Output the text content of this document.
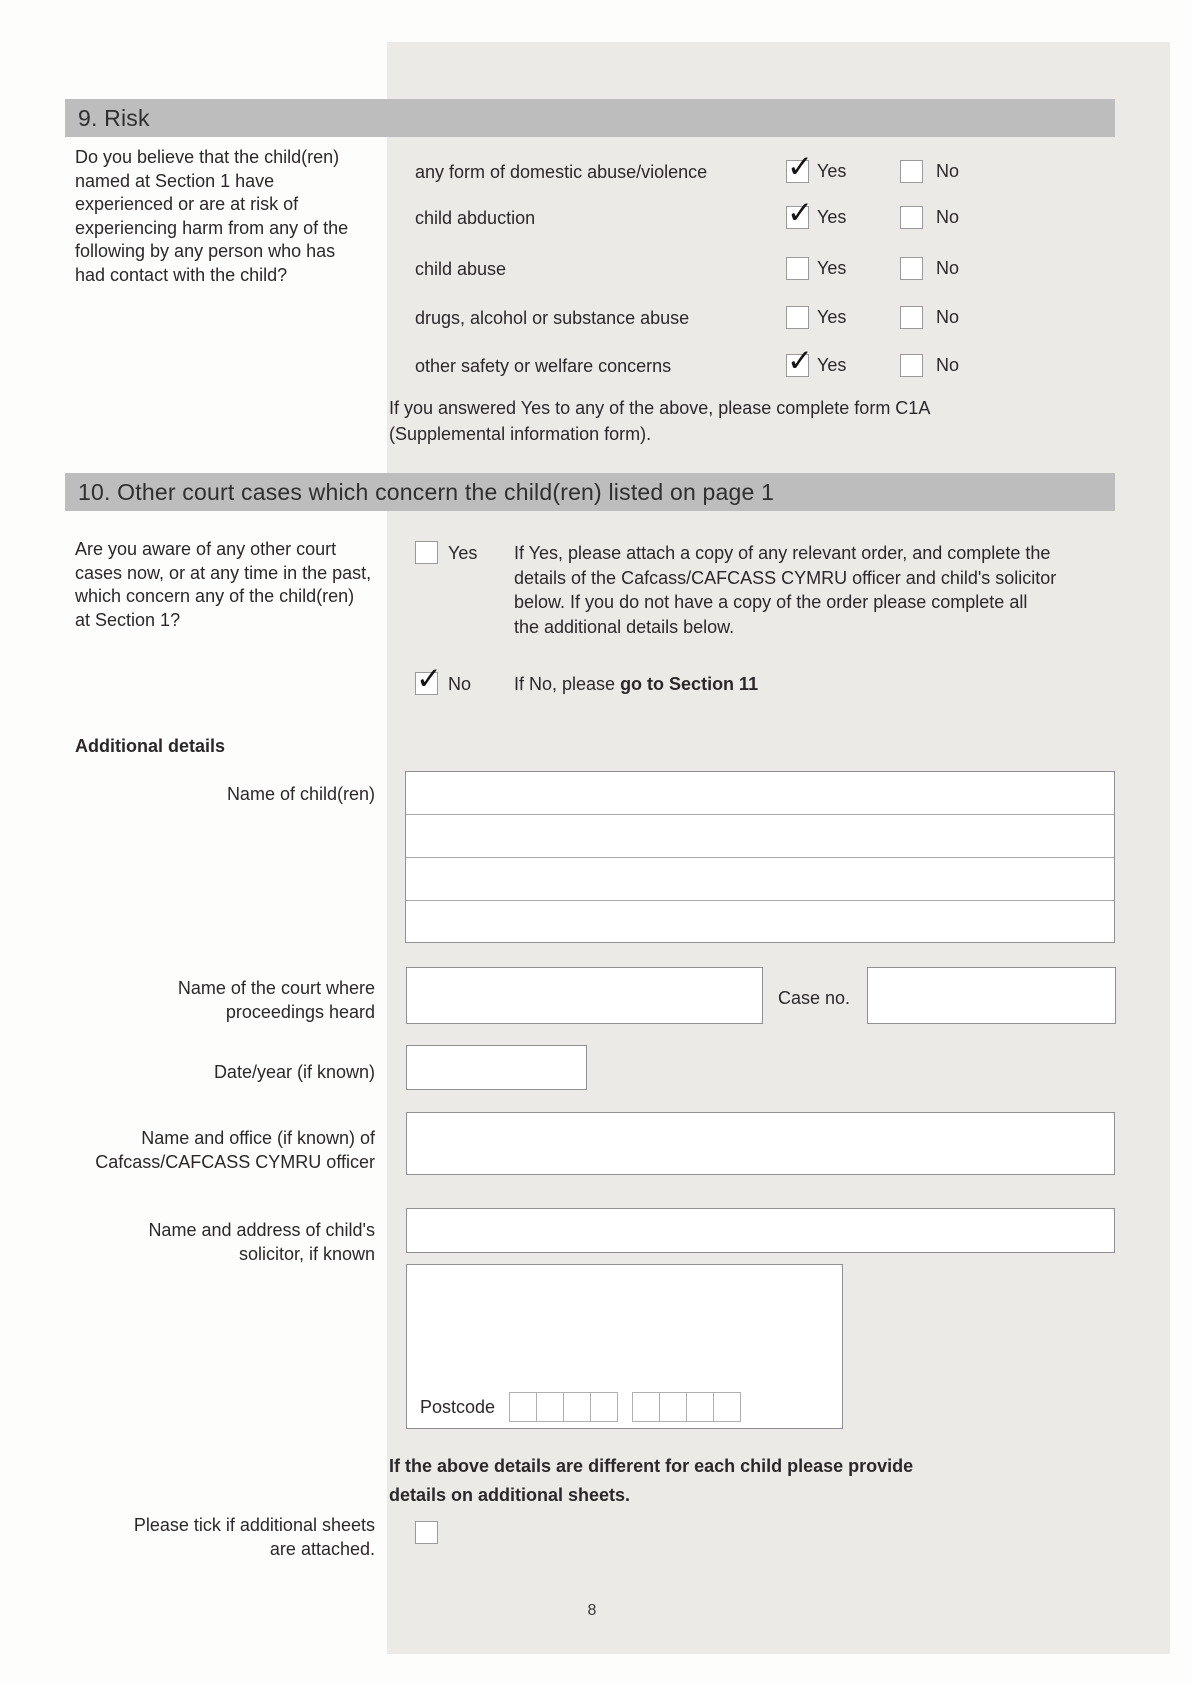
9. Risk
Do you believe that the child(ren)
named at Section 1 have
experienced or are at risk of
experiencing harm from any of the
following by any person who has
had contact with the child?
any form of domestic abuse/violence ✓	Yes	No
child abduction ✓	Yes	No
child abuse	Yes	No
drugs, alcohol or substance abuse	Yes	No
other safety or welfare concerns ✓	Yes	No
If you answered Yes to any of the above, please complete form C1A
(Supplemental information form).
10. Other court cases which concern the child(ren) listed on page 1
Are you aware of any other court
cases now, or at any time in the past,
which concern any of the child(ren)
at Section 1?
Yes If Yes, please attach a copy of any relevant order, and complete the
details of the Cafcass/CAFCASS CYMRU officer and child's solicitor
below. If you do not have a copy of the order please complete all
the additional details below.
✓
No If No, please go to Section 11
Additional details
Name of child(ren)
Name of the court where proceedings heard
Case no.
Date/year (if known)
Name and office (if known) of Cafcass/CAFCASS CYMRU officer
Name and address of child's solicitor, if known
Postcode
If the above details are different for each child please provide
details on additional sheets.
Please tick if additional sheets are attached.
8
